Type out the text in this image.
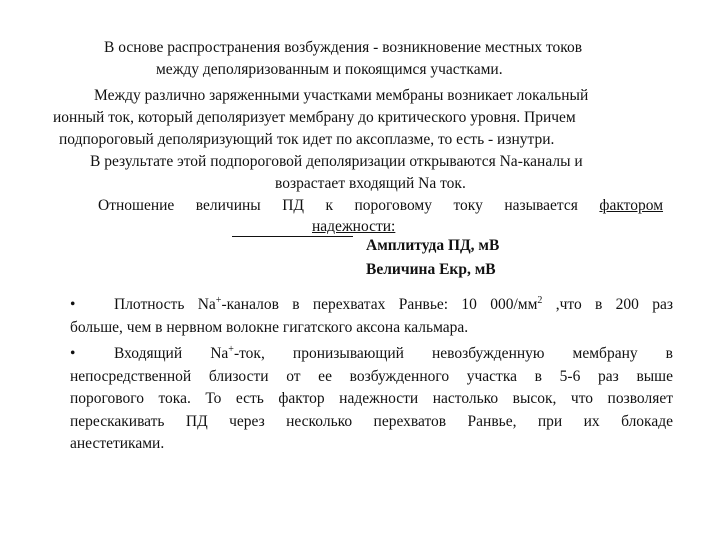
В основе распространения возбуждения - возникновение местных токов
между деполяризованным и покоящимся участками.
Между различно заряженными участками мембраны возникает локальный
ионный ток, который деполяризует мембрану до критического уровня. Причем
подпороговый деполяризующий ток идет по аксоплазме, то есть - изнутри.
В результате этой подпороговой деполяризации открываются Na-каналы и
возрастает входящий Na ток.
Отношение величины ПД к пороговому току называется фактором
надежности:
Амплитуда ПД, мВ
Величина Екр, мВ
• Плотность Na+-каналов в перехватах Ранвье: 10 $000/мм^2$ ,что в 200 раз
больше, чем в нервном волокне гигатского аксона кальмара.
• Входящий Na+-ток, пронизывающий невозбужденную мембрану в
непосредственной близости от ее возбужденного участка в 5-6 раз выше
порогового тока. То есть фактор надежности настолько высок, что позволяет
перескакивать ПД через несколько перехватов Ранвье, при их блокаде
анестетиками.
